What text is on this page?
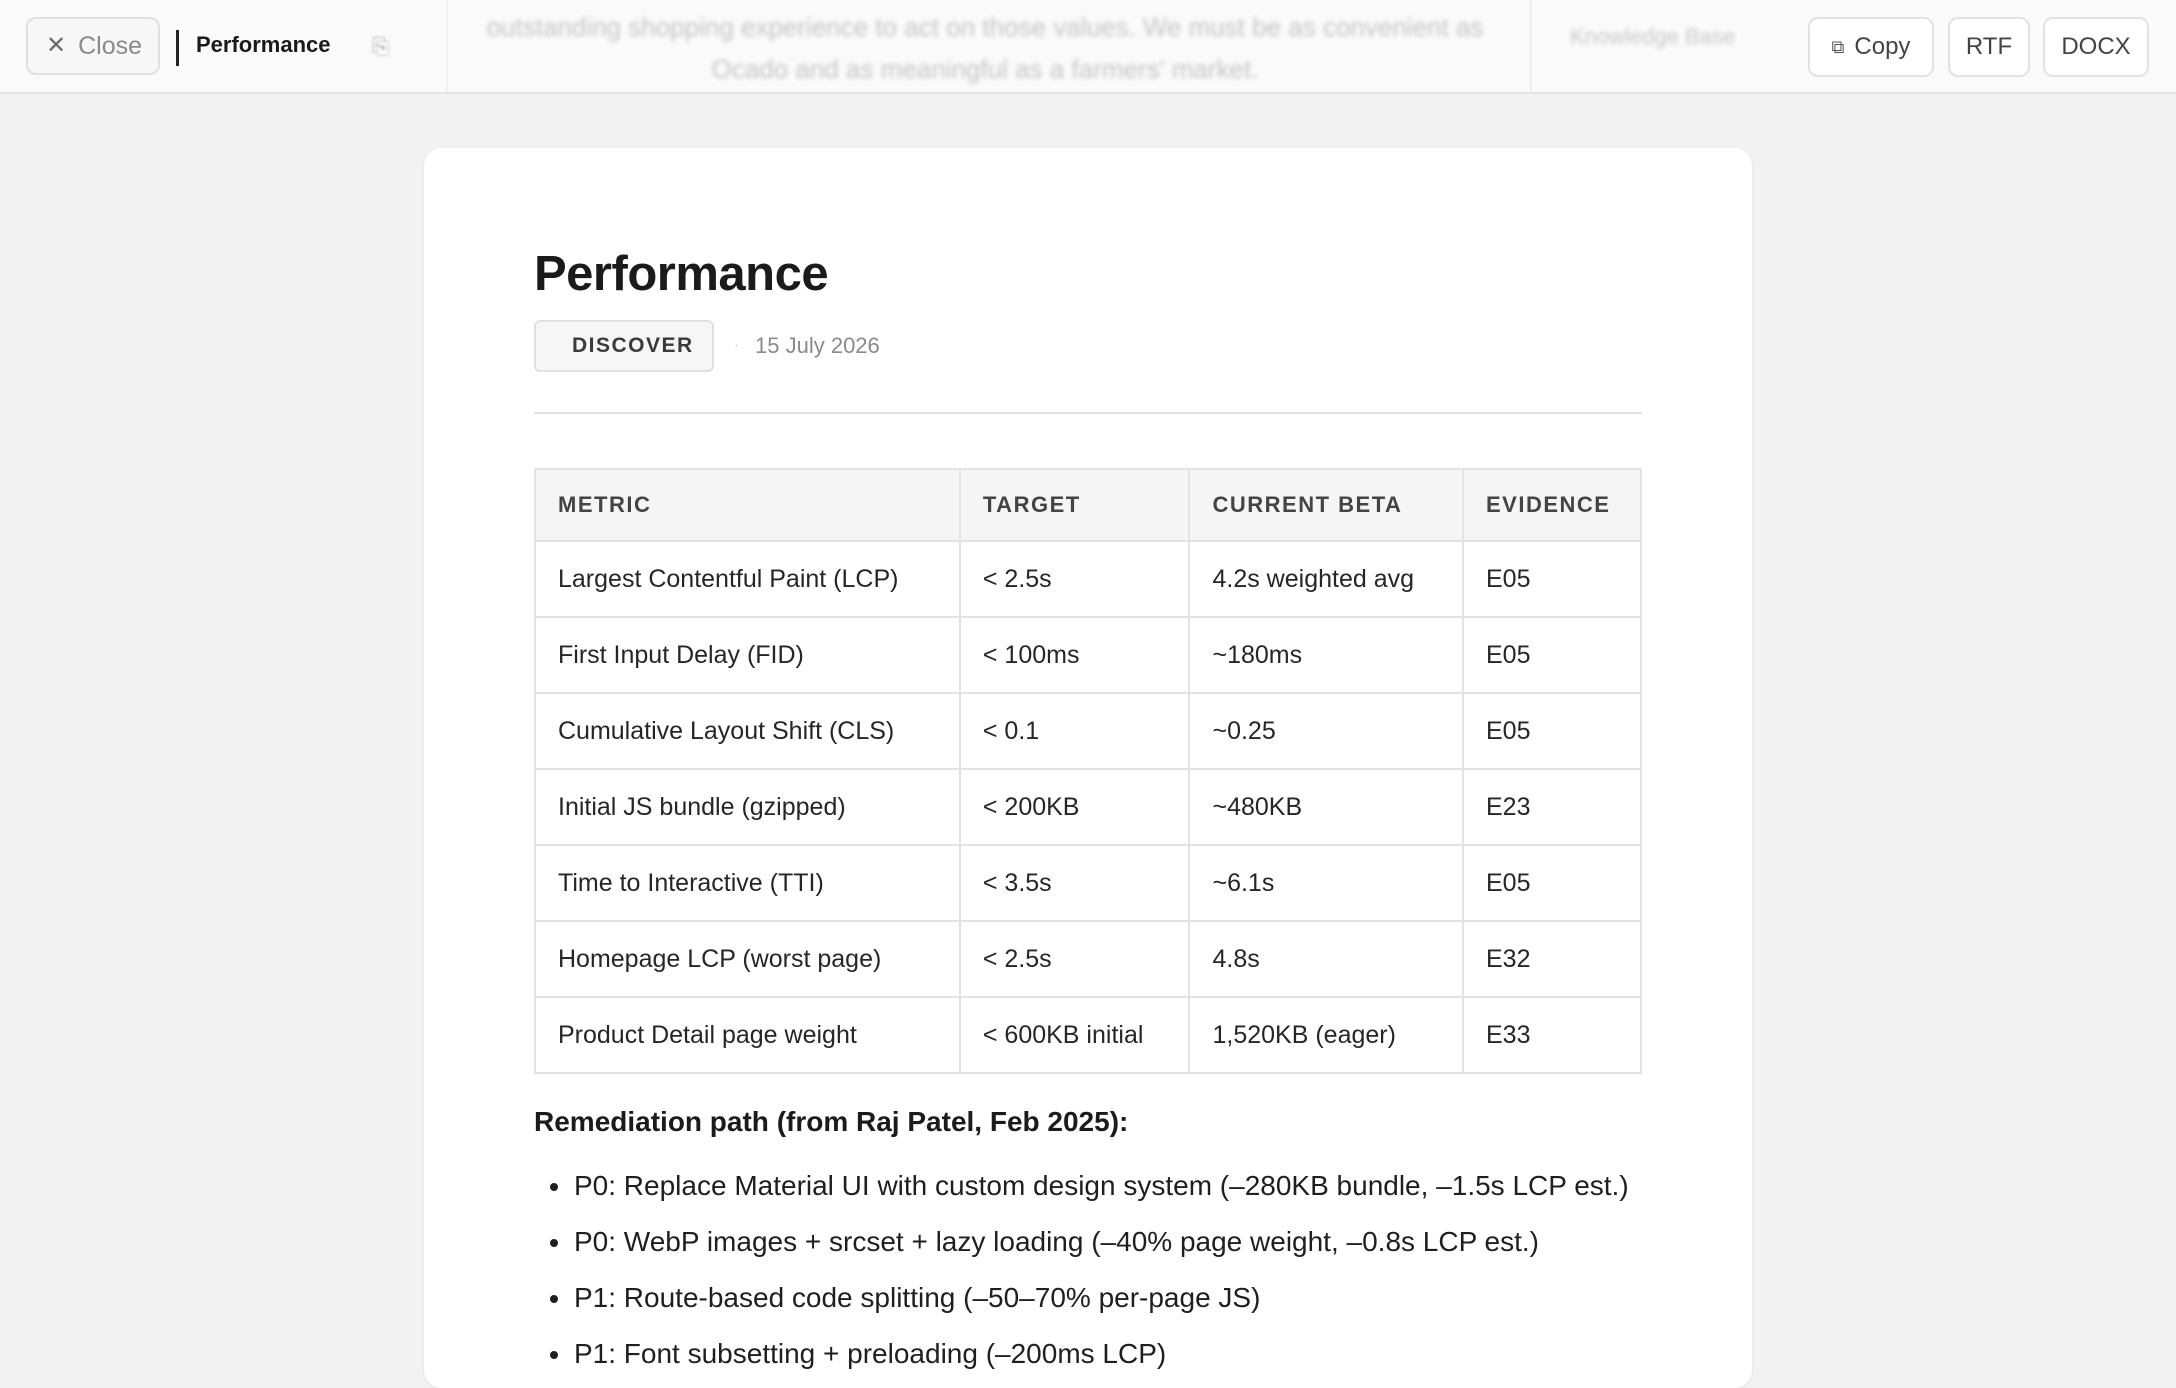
outstanding shopping experience to act on those values. We must be as convenient as Ocado and as meaningful as a farmers' market.
Knowledge Base
✕ Close Performance ⎘	⧉ Copy RTF DOCX
Performance
DISCOVER	· 15 July 2026
METRIC	TARGET	CURRENT BETA	EVIDENCE
Largest Contentful Paint (LCP)	< 2.5s	4.2s weighted avg	E05
First Input Delay (FID)	< 100ms	~180ms	E05
Cumulative Layout Shift (CLS)	< 0.1	~0.25	E05
Initial JS bundle (gzipped)	< 200KB	~480KB	E23
Time to Interactive (TTI)	< 3.5s	~6.1s	E05
Homepage LCP (worst page)	< 2.5s	4.8s	E32
Product Detail page weight	< 600KB initial	1,520KB (eager)	E33
Remediation path (from Raj Patel, Feb 2025):
P0: Replace Material UI with custom design system (–280KB bundle, –1.5s LCP est.)
P0: WebP images + srcset + lazy loading (–40% page weight, –0.8s LCP est.)
P1: Route-based code splitting (–50–70% per-page JS)
P1: Font subsetting + preloading (–200ms LCP)
